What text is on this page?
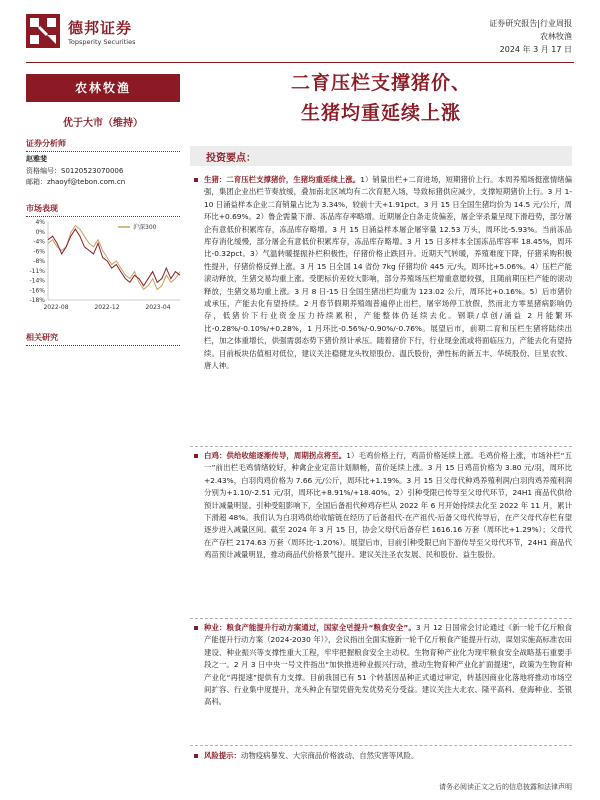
德邦证券
Topsperity Securities
证券研究报告|行业周报
农林牧渔
2024 年 3 月 17 日
农林牧渔
优于大市（维持）
证券分析师
赵雅斐
资格编号：S0120523070006
邮箱：zhaoyf@tebon.com.cn
市场表现
4%
0%
-4%
-6%
-8%
-11%
-14%
-16%
-18%
2022-08	2022-12	2023-04
沪深300
相关研究
二育压栏支撑猪价、
生猪均重延续上涨
投资要点：
生猪：二育压栏支撑猪价，生猪均重延续上涨。1）销量出栏+二育进场，短期猪价上行。本周养殖场挺涨情绪偏强，集团企业出栏节奏放缓，叠加南北区域均有二次育肥入场，导致标猪供应减少，支撑短期猪价上行。3 月 1-10 日涌益样本企业二育销量占比为 3.34%，较前十天+1.91pct。3 月 15 日全国生猪均价为 14.5 元/公斤，周环比+0.69%。2）鲁企需量下滑、冻品库存率略增。近期屠企白条走货偏差，屠企宰杀量呈现下滑趋势，部分屠企有意低价积累库存，冻品库存略增。3 月 15 日涌益样本屠企屠宰量 12.53 万头，周环比-5.93%。当前冻品库存消化缓慢，部分屠企有意低价积累库存，冻品库存略增。3 月 15 日多样本全国冻品库容率 18.45%，周环比-0.32pct。3）气温转暖提振补栏积极性，仔猪价格止跌回升。近期天气转暖，养殖难度下降，仔猪采购积极性提升，仔猪价格反弹上涨。3 月 15 日全国 14 省份 7kg 仔猪均价 445 元/头，周环比+5.06%。4）压栏产能滚动释放，生猪交易均重上涨。受肥标价差较大影响，部分养殖场压栏增重意愿较强，且随前期压栏产能的滚动释放，生猪交易均重上涨。3 月 8 日-15 日全国生猪出栏均重为 123.02 公斤，周环比+0.16%。5）后市猪价或承压，产能去化有望持续。2 月春节假期养殖端普遍停止出栏，屠宰场停工放假，然而北方零星猪病影响仍存，低猪价下行业资金压力持续累积，产能整体仍延续去化。钢联/卓创/涌益 2 月能繁环比-0.28%/-0.10%/+0.28%，1 月环比-0.56%/-0.90%/-0.76%。展望后市，前期二育和压栏生猪将陆续出栏，加之体重增长，供强需弱态势下猪价预计承压。随着猪价下行，行业现金流或将面临压力，产能去化有望持续。目前板块估值相对低位，建议关注稳健龙头牧原股份、温氏股份，弹性标的新五丰、华统股份、巨星农牧、唐人神。
白鸡：供给收缩逐渐传导，周期拐点将至。1）毛鸡价格上行，鸡苗价格延续上涨。毛鸡价格上涨，市场补栏“五一”前出栏毛鸡情绪较好，种禽企业定苗计划顺畅，苗价延续上涨。3 月 15 日鸡苗价格为 3.80 元/羽，周环比+2.43%，白羽肉鸡价格为 7.66 元/公斤，周环比+1.19%。3 月 15 日父母代种鸡养殖利润/白羽肉鸡养殖利润分别为+1.10/-2.51 元/羽，周环比+8.91%/+18.40%。2）引种受限已传导至父母代环节，24H1 商品代供给预计减量明显。引种受阻影响下，全国后备祖代种鸡存栏从 2022 年 6 月开始持续去化至 2022 年 11 月，累计下滑超 48%。我们认为白羽鸡供给收缩链在经历了后备祖代-在产祖代-后备父母代传导后，在产父母代存栏有望逐步进入减量区间。截至 2024 年 3 月 15 日，协会父母代后备存栏 1616.16 万套（周环比+1.29%）；父母代在产存栏 2174.63 万套（周环比-1.20%）。展望后市，目前引种受限已向下游传导至父母代环节，24H1 商品代鸡苗预计减量明显，推动商品代价格景气提升。建议关注圣农发展、民和股份、益生股份。
种业：粮食产能提升行动方案通过，国家全면提升“粮食安全”。3 月 12 日国常会讨论通过《新一轮千亿斤粮食产能提升行动方案（2024-2030 年）》，会议指出全面实施新一轮千亿斤粮食产能提升行动，谋划实施高标准农田建设、种业振兴等支撑性重大工程，牢牢把握粮食安全主动权。生物育种产业化为现牢粮食安全战略基石重要手段之一。2 月 3 日中央一号文件指出“加快推进种业振兴行动，推动生物育种产业化扩面提速”，政策为生物育种产业化“再提速”提供有力支撑。目前我国已有 51 个转基因品种正式通过审定，转基因商业化落地将推动市场空间扩容、行业集中度提升，龙头种企有望凭借先发优势充分受益。建议关注大北农、隆平高科、登海种业、荃银高科。
风险提示：动物疫病暴发、大宗商品价格波动、自然灾害等风险。
请务必阅读正文之后的信息披露和法律声明
